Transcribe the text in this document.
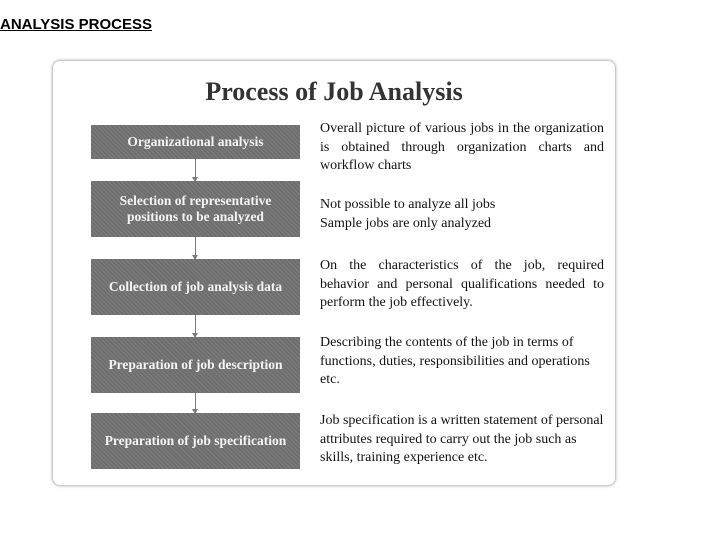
ANALYSIS PROCESS
Process of Job Analysis
Organizational analysis

Overall picture of various jobs in the organization is obtained through organization charts and workflow charts

Selection of representative positions to be analyzed

Not possible to analyze all jobs

Sample jobs are only analyzed

Collection of job analysis data

On the characteristics of the job, required behavior and personal qualifications needed to perform the job effectively.

Preparation of job description

Describing the contents of the job in terms of functions, duties, responsibilities and operations etc.

Preparation of job specification

Job specification is a written statement of personal attributes required to carry out the job such as skills, training experience etc.
